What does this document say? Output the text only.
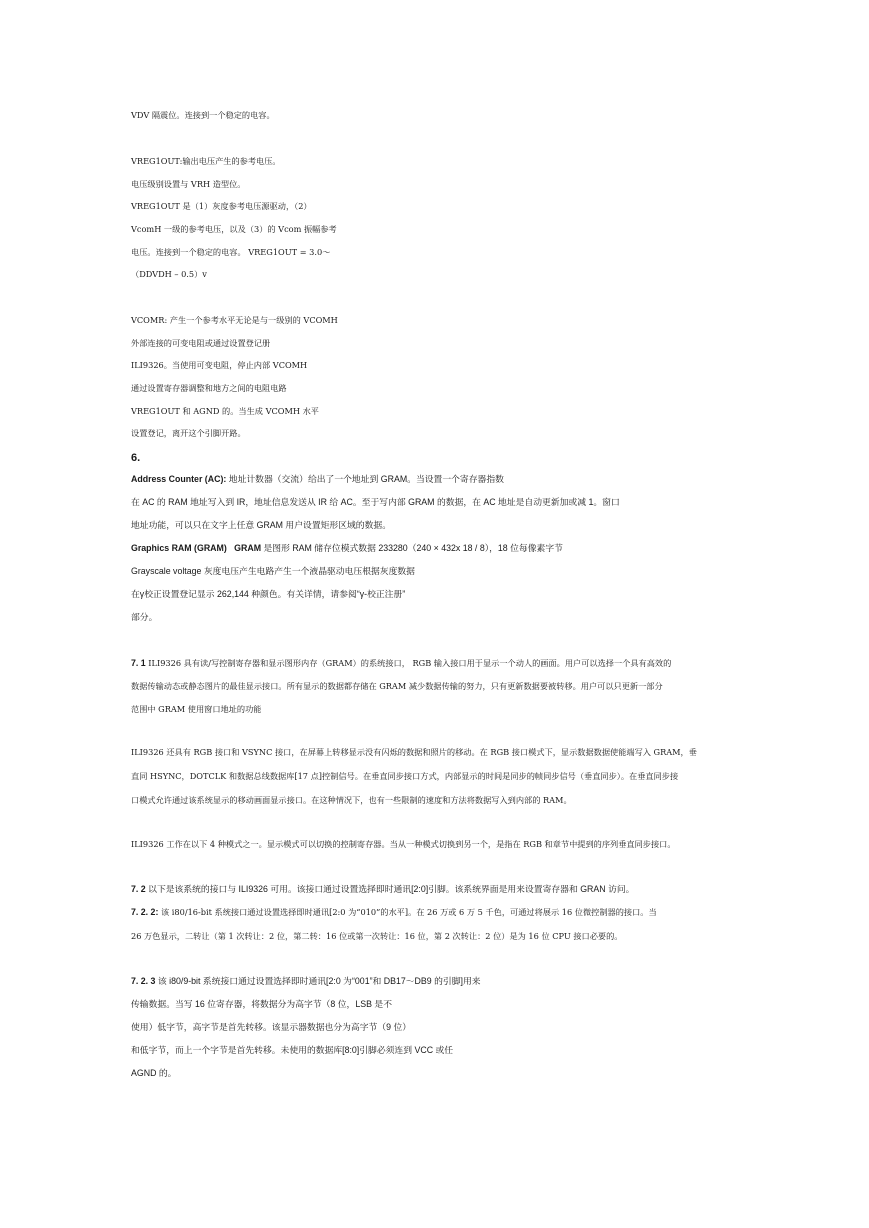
VDV 隔震位。连接到一个稳定的电容。
VREG1OUT:输出电压产生的参考电压。
电压级别设置与 VRH 造型位。
VREG1OUT 是（1）灰度参考电压源驱动，（2）
VcomH 一级的参考电压，以及（3）的 Vcom 振幅参考
电压。连接到一个稳定的电容。 VREG1OUT = 3.0～
（DDVDH – 0.5）v
VCOMR: 产生一个参考水平无论是与一级别的 VCOMH
外部连接的可变电阻或通过设置登记册
ILI9326。当使用可变电阻，停止内部 VCOMH
通过设置寄存器调整和地方之间的电阻电路
VREG1OUT 和 AGND 的。当生成 VCOMH 水平
设置登记，离开这个引脚开路。
6.
Address Counter (AC): 地址计数器（交流）给出了一个地址到 GRAM。当设置一个寄存器指数
在 AC 的 RAM 地址写入到 IR，地址信息发送从 IR 给 AC。至于写内部 GRAM 的数据，在 AC 地址是自动更新加或减 1。窗口
地址功能，可以只在文字上任意 GRAM 用户设置矩形区域的数据。
Graphics RAM (GRAM) GRAM 是图形 RAM 储存位模式数据 233280（240 × 432x 18 / 8），18 位每像素字节
Grayscale voltage 灰度电压产生电路产生一个液晶驱动电压根据灰度数据
在γ校正设置登记显示 262,144 种颜色。有关详情，请参阅“γ-校正注册”
部分。
7. 1 ILI9326 具有读/写控制寄存器和显示图形内存（GRAM）的系统接口， RGB 输入接口用于显示一个动人的画面。用户可以选择一个具有高效的
数据传输动态或静态图片的最佳显示接口。所有显示的数据都存储在 GRAM 减少数据传输的努力，只有更新数据要被转移。用户可以只更新一部分
范围中 GRAM 使用窗口地址的功能
ILI9326 还具有 RGB 接口和 VSYNC 接口，在屏幕上转移显示没有闪烁的数据和照片的移动。在 RGB 接口模式下，显示数据数据使能端写入 GRAM，垂
直同 HSYNC，DOTCLK 和数据总线数据库[17 点]控制信号。在垂直同步接口方式，内部显示的时间是同步的帧同步信号（垂直同步）。在垂直同步接
口模式允许通过该系统显示的移动画面显示接口。在这种情况下，也有一些限制的速度和方法将数据写入到内部的 RAM。
ILI9326 工作在以下 4 种模式之一。显示模式可以切换的控制寄存器。当从一种模式切换到另一个，是指在 RGB 和章节中提到的序列垂直同步接口。
7. 2 以下是该系统的接口与 ILI9326 可用。该接口通过设置选择即时通讯[2:0]引脚。该系统界面是用来设置寄存器和 GRAN 访问。
7. 2. 2: 该 i80/16-bit 系统接口通过设置选择即时通讯[2:0 为“010”的水平]。在 26 万或 6 万 5 千色，可通过将展示 16 位微控制器的接口。当
26 万色显示，二转让（第 1 次转让：2 位，第二转：16 位或第一次转让：16 位，第 2 次转让：2 位）是为 16 位 CPU 接口必要的。
7. 2. 3 该 i80/9-bit 系统接口通过设置选择即时通讯[2:0 为“001”和 DB17～DB9 的引脚]用来
传输数据。当写 16 位寄存器，将数据分为高字节（8 位，LSB 是不
使用）低字节，高字节是首先转移。该显示器数据也分为高字节（9 位）
和低字节，而上一个字节是首先转移。未使用的数据库[8:0]引脚必须连到 VCC 或任
AGND 的。
